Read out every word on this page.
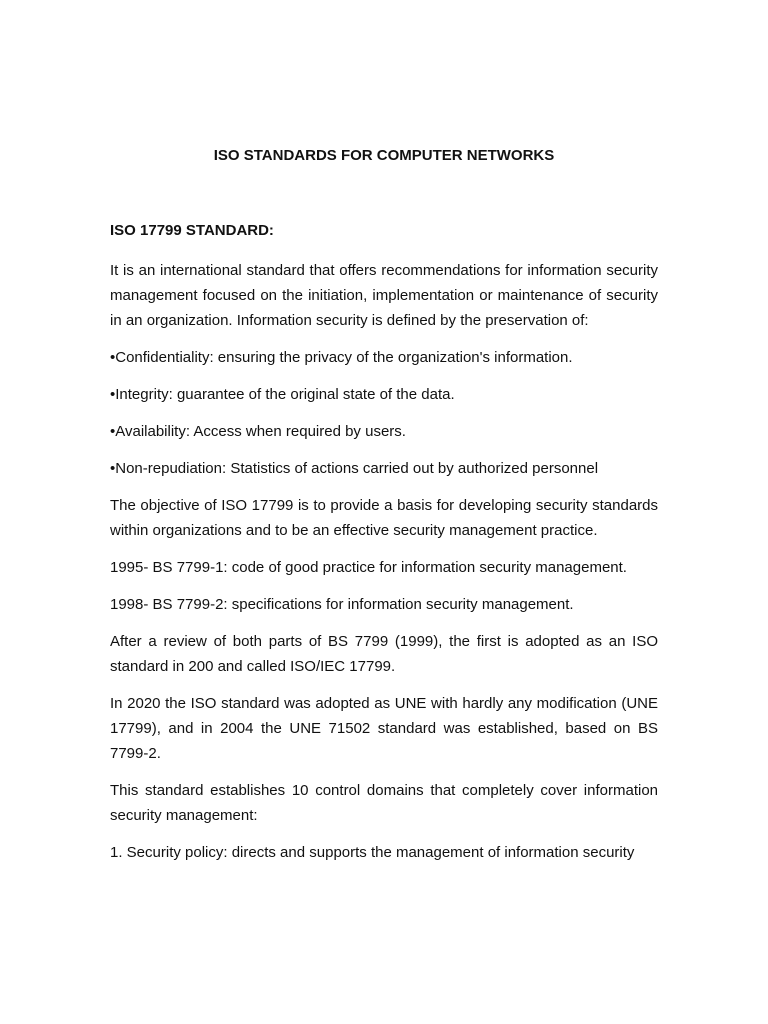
ISO STANDARDS FOR COMPUTER NETWORKS
ISO 17799 STANDARD:

It is an international standard that offers recommendations for information security management focused on the initiation, implementation or maintenance of security in an organization. Information security is defined by the preservation of:

•Confidentiality: ensuring the privacy of the organization's information.

•Integrity: guarantee of the original state of the data.

•Availability: Access when required by users.

•Non-repudiation: Statistics of actions carried out by authorized personnel

The objective of ISO 17799 is to provide a basis for developing security standards within organizations and to be an effective security management practice.

1995- BS 7799-1: code of good practice for information security management.

1998- BS 7799-2: specifications for information security management.

After a review of both parts of BS 7799 (1999), the first is adopted as an ISO standard in 200 and called ISO/IEC 17799.

In 2020 the ISO standard was adopted as UNE with hardly any modification (UNE 17799), and in 2004 the UNE 71502 standard was established, based on BS 7799-2.

This standard establishes 10 control domains that completely cover information security management:

1. Security policy: directs and supports the management of information security
